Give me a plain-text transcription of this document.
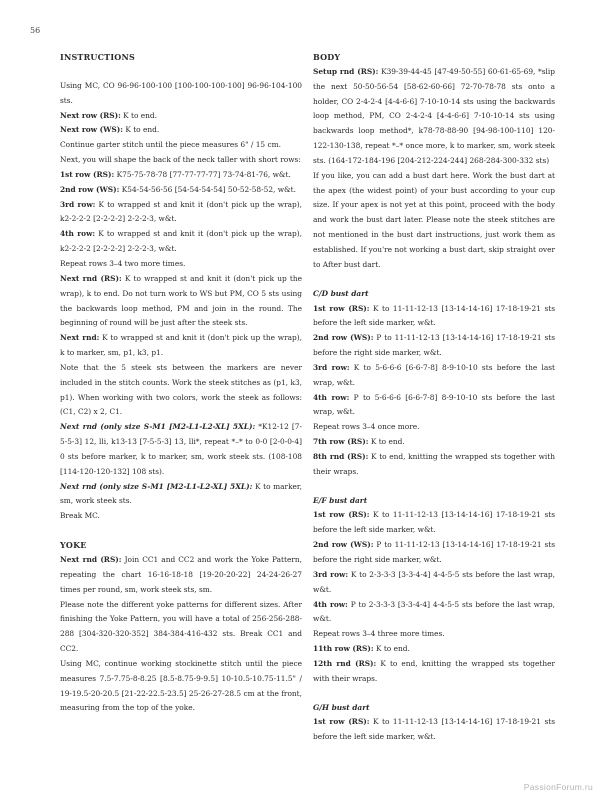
56

INSTRUCTIONS

Using MC, CO 96-96-100-100 [100-100-100-100] 96-96-104-100 sts.

Next row (RS): K to end.

Next row (WS): K to end.

Continue garter stitch until the piece measures 6" / 15 cm.

Next, you will shape the back of the neck taller with short rows:

1st row (RS): K75-75-78-78 [77-77-77-77] 73-74-81-76, w&t.

2nd row (WS): K54-54-56-56 [54-54-54-54] 50-52-58-52, w&t.

3rd row: K to wrapped st and knit it (don't pick up the wrap), k2-2-2-2 [2-2-2-2] 2-2-2-3, w&t.

4th row: K to wrapped st and knit it (don't pick up the wrap), k2-2-2-2 [2-2-2-2] 2-2-2-3, w&t.

Repeat rows 3–4 two more times.

Next rnd (RS): K to wrapped st and knit it (don't pick up the wrap), k to end. Do not turn work to WS but PM, CO 5 sts using the backwards loop method, PM and join in the round. The beginning of round will be just after the steek sts.

Next rnd: K to wrapped st and knit it (don't pick up the wrap), k to marker, sm, p1, k3, p1.

Note that the 5 steek sts between the markers are never included in the stitch counts. Work the steek stitches as (p1, k3, p1). When working with two colors, work the steek as follows: (C1, C2) x 2, C1.

Next rnd (only size S-M1 [M2-L1-L2-XL] 5XL): *K12-12 [7-5-5-3] 12, lli, k13-13 [7-5-5-3] 13, lli*, repeat *–* to 0-0 [2-0-0-4] 0 sts before marker, k to marker, sm, work steek sts. (108-108 [114-120-120-132] 108 sts).

Next rnd (only size S-M1 [M2-L1-L2-XL] 5XL): K to marker, sm, work steek sts.

Break MC.

YOKE

Next rnd (RS): Join CC1 and CC2 and work the Yoke Pattern, repeating the chart 16-16-18-18 [19-20-20-22] 24-24-26-27 times per round, sm, work steek sts, sm.

Please note the different yoke patterns for different sizes. After finishing the Yoke Pattern, you will have a total of 256-256-288-288 [304-320-320-352] 384-384-416-432 sts. Break CC1 and CC2.

Using MC, continue working stockinette stitch until the piece measures 7.5-7.75-8-8.25 [8.5-8.75-9-9.5] 10-10.5-10.75-11.5" / 19-19.5-20-20.5 [21-22-22.5-23.5] 25-26-27-28.5 cm at the front, measuring from the top of the yoke.

BODY

Setup rnd (RS): K39-39-44-45 [47-49-50-55] 60-61-65-69, *slip the next 50-50-56-54 [58-62-60-66] 72-70-78-78 sts onto a holder, CO 2-4-2-4 [4-4-6-6] 7-10-10-14 sts using the backwards loop method, PM, CO 2-4-2-4 [4-4-6-6] 7-10-10-14 sts using backwards loop method*, k78-78-88-90 [94-98-100-110] 120-122-130-138, repeat *–* once more, k to marker, sm, work steek sts. (164-172-184-196 [204-212-224-244] 268-284-300-332 sts)

If you like, you can add a bust dart here. Work the bust dart at the apex (the widest point) of your bust according to your cup size. If your apex is not yet at this point, proceed with the body and work the bust dart later. Please note the steek stitches are not mentioned in the bust dart instructions, just work them as established. If you're not working a bust dart, skip straight over to After bust dart.

C/D bust dart

1st row (RS): K to 11-11-12-13 [13-14-14-16] 17-18-19-21 sts before the left side marker, w&t.

2nd row (WS): P to 11-11-12-13 [13-14-14-16] 17-18-19-21 sts before the right side marker, w&t.

3rd row: K to 5-6-6-6 [6-6-7-8] 8-9-10-10 sts before the last wrap, w&t.

4th row: P to 5-6-6-6 [6-6-7-8] 8-9-10-10 sts before the last wrap, w&t.

Repeat rows 3–4 once more.

7th row (RS): K to end.

8th rnd (RS): K to end, knitting the wrapped sts together with their wraps.

E/F bust dart

1st row (RS): K to 11-11-12-13 [13-14-14-16] 17-18-19-21 sts before the left side marker, w&t.

2nd row (WS): P to 11-11-12-13 [13-14-14-16] 17-18-19-21 sts before the right side marker, w&t.

3rd row: K to 2-3-3-3 [3-3-4-4] 4-4-5-5 sts before the last wrap, w&t.

4th row: P to 2-3-3-3 [3-3-4-4] 4-4-5-5 sts before the last wrap, w&t.

Repeat rows 3–4 three more times.

11th row (RS): K to end.

12th rnd (RS): K to end, knitting the wrapped sts together with their wraps.

G/H bust dart

1st row (RS): K to 11-11-12-13 [13-14-14-16] 17-18-19-21 sts before the left side marker, w&t.

PassionForum.ru
